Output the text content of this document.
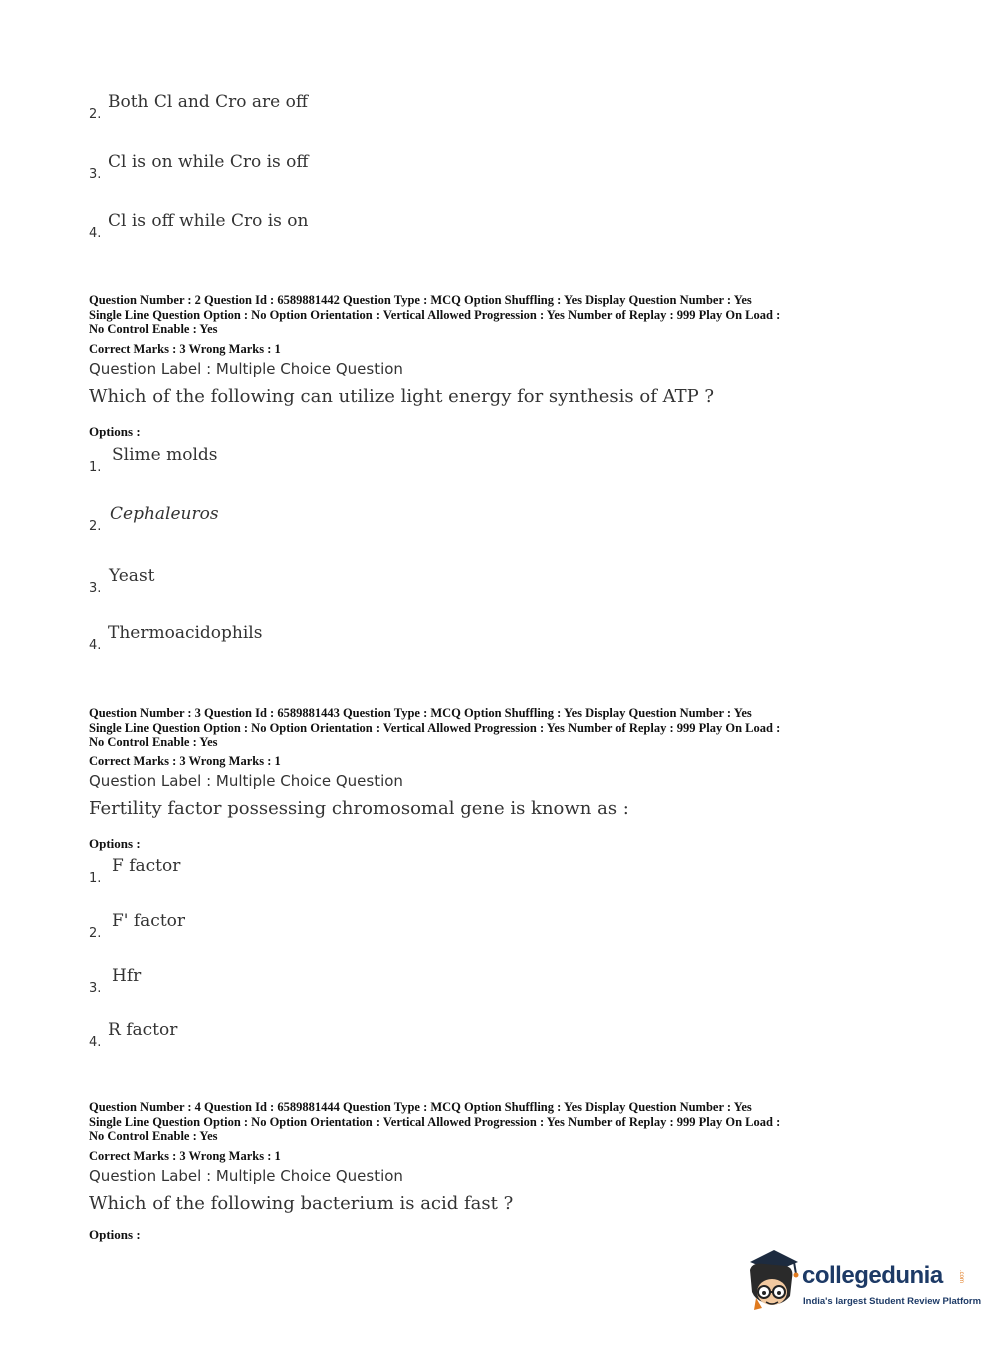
2.
Both Cl and Cro are off
3.
Cl is on while Cro is off
4.
Cl is off while Cro is on
Question Number : 2 Question Id : 6589881442 Question Type : MCQ Option Shuffling : Yes Display Question Number : Yes
Single Line Question Option : No Option Orientation : Vertical Allowed Progression : Yes Number of Replay : 999 Play On Load :
No Control Enable : Yes
Correct Marks : 3 Wrong Marks : 1
Question Label : Multiple Choice Question
Which of the following can utilize light energy for synthesis of ATP ?
Options :
1.
Slime molds
2.
Cephaleuros
3.
Yeast
4.
Thermoacidophils
Question Number : 3 Question Id : 6589881443 Question Type : MCQ Option Shuffling : Yes Display Question Number : Yes
Single Line Question Option : No Option Orientation : Vertical Allowed Progression : Yes Number of Replay : 999 Play On Load :
No Control Enable : Yes
Correct Marks : 3 Wrong Marks : 1
Question Label : Multiple Choice Question
Fertility factor possessing chromosomal gene is known as :
Options :
1.
F factor
2.
F' factor
3.
Hfr
4.
R factor
Question Number : 4 Question Id : 6589881444 Question Type : MCQ Option Shuffling : Yes Display Question Number : Yes
Single Line Question Option : No Option Orientation : Vertical Allowed Progression : Yes Number of Replay : 999 Play On Load :
No Control Enable : Yes
Correct Marks : 3 Wrong Marks : 1
Question Label : Multiple Choice Question
Which of the following bacterium is acid fast ?
Options :
collegedunia	.com
India's largest Student Review Platform
